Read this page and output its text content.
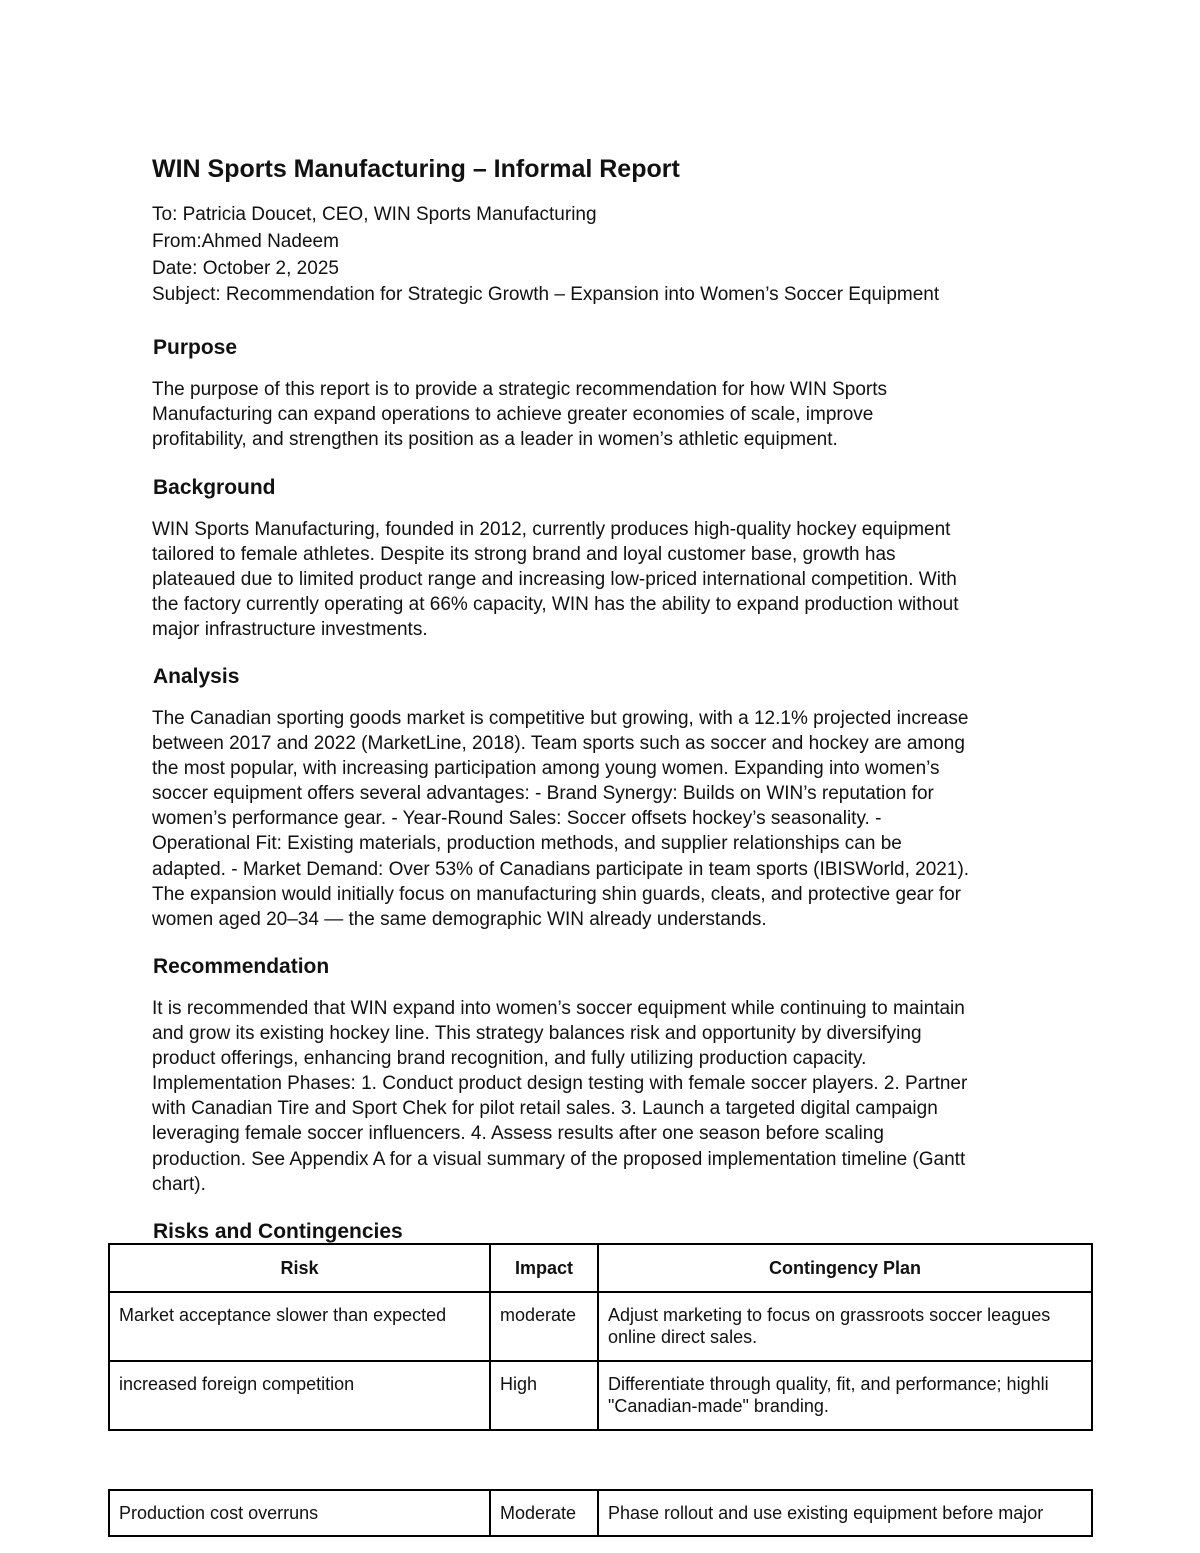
WIN Sports Manufacturing – Informal Report
To: Patricia Doucet, CEO, WIN Sports Manufacturing
From:Ahmed Nadeem
Date: October 2, 2025
Subject: Recommendation for Strategic Growth – Expansion into Women’s Soccer Equipment
Purpose
The purpose of this report is to provide a strategic recommendation for how WIN Sports
Manufacturing can expand operations to achieve greater economies of scale, improve
profitability, and strengthen its position as a leader in women’s athletic equipment.
Background
WIN Sports Manufacturing, founded in 2012, currently produces high-quality hockey equipment
tailored to female athletes. Despite its strong brand and loyal customer base, growth has
plateaued due to limited product range and increasing low-priced international competition. With
the factory currently operating at 66% capacity, WIN has the ability to expand production without
major infrastructure investments.
Analysis
The Canadian sporting goods market is competitive but growing, with a 12.1% projected increase
between 2017 and 2022 (MarketLine, 2018). Team sports such as soccer and hockey are among
the most popular, with increasing participation among young women. Expanding into women’s
soccer equipment offers several advantages: - Brand Synergy: Builds on WIN’s reputation for
women’s performance gear. - Year-Round Sales: Soccer offsets hockey’s seasonality. -
Operational Fit: Existing materials, production methods, and supplier relationships can be
adapted. - Market Demand: Over 53% of Canadians participate in team sports (IBISWorld, 2021).
The expansion would initially focus on manufacturing shin guards, cleats, and protective gear for
women aged 20–34 — the same demographic WIN already understands.
Recommendation
It is recommended that WIN expand into women’s soccer equipment while continuing to maintain
and grow its existing hockey line. This strategy balances risk and opportunity by diversifying
product offerings, enhancing brand recognition, and fully utilizing production capacity.
Implementation Phases: 1. Conduct product design testing with female soccer players. 2. Partner
with Canadian Tire and Sport Chek for pilot retail sales. 3. Launch a targeted digital campaign
leveraging female soccer influencers. 4. Assess results after one season before scaling
production. See Appendix A for a visual summary of the proposed implementation timeline (Gantt
chart).
Risks and Contingencies
Risk	Impact	Contingency Plan
Market acceptance slower than expected	moderate	Adjust marketing to focus on grassroots soccer leagues
online direct sales.

increased foreign competition	High	Differentiate through quality, fit, and performance; highli
"Canadian-made" branding.
Production cost overruns	Moderate	Phase rollout and use existing equipment before major
